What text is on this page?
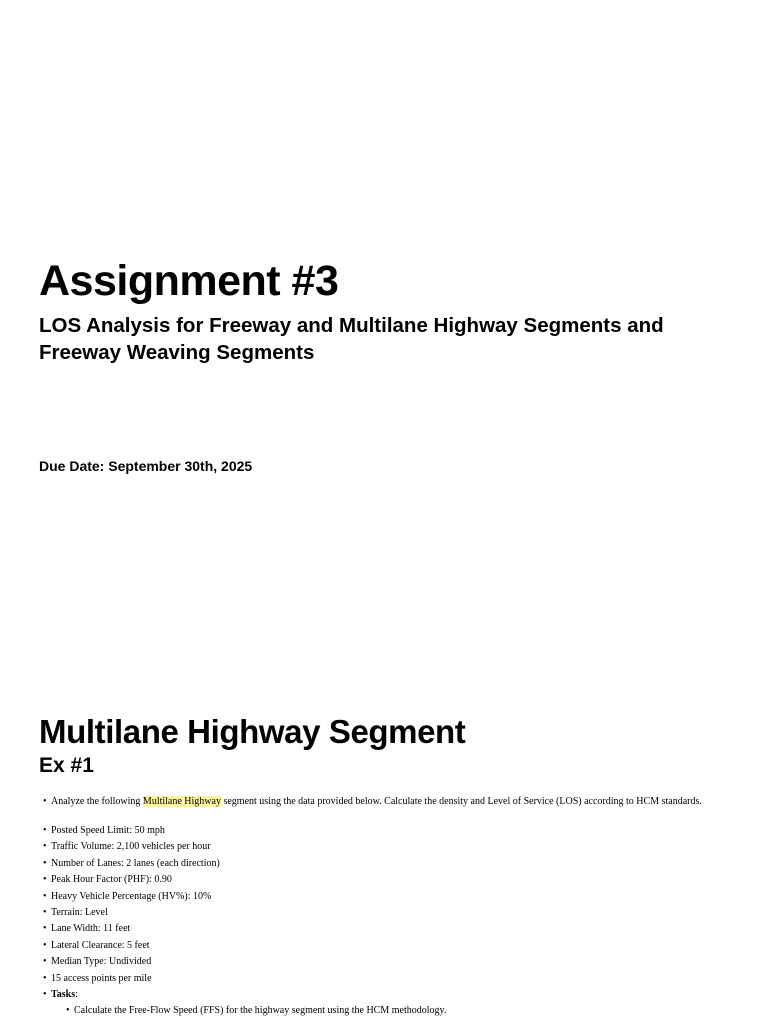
Assignment #3
LOS Analysis for Freeway and Multilane Highway Segments and Freeway Weaving Segments

Due Date: September 30th, 2025

Multilane Highway Segment
Ex #1
• Analyze the following Multilane Highway segment using the data provided below. Calculate the density and Level of Service (LOS) according to HCM standards.
• Posted Speed Limit: 50 mph
• Traffic Volume: 2,100 vehicles per hour
• Number of Lanes: 2 lanes (each direction)
• Peak Hour Factor (PHF): 0.90
• Heavy Vehicle Percentage (HV%): 10%
• Terrain: Level
• Lane Width: 11 feet
• Lateral Clearance: 5 feet
• Median Type: Undivided
• 15 access points per mile
• Tasks:
• Calculate the Free-Flow Speed (FFS) for the highway segment using the HCM methodology.
